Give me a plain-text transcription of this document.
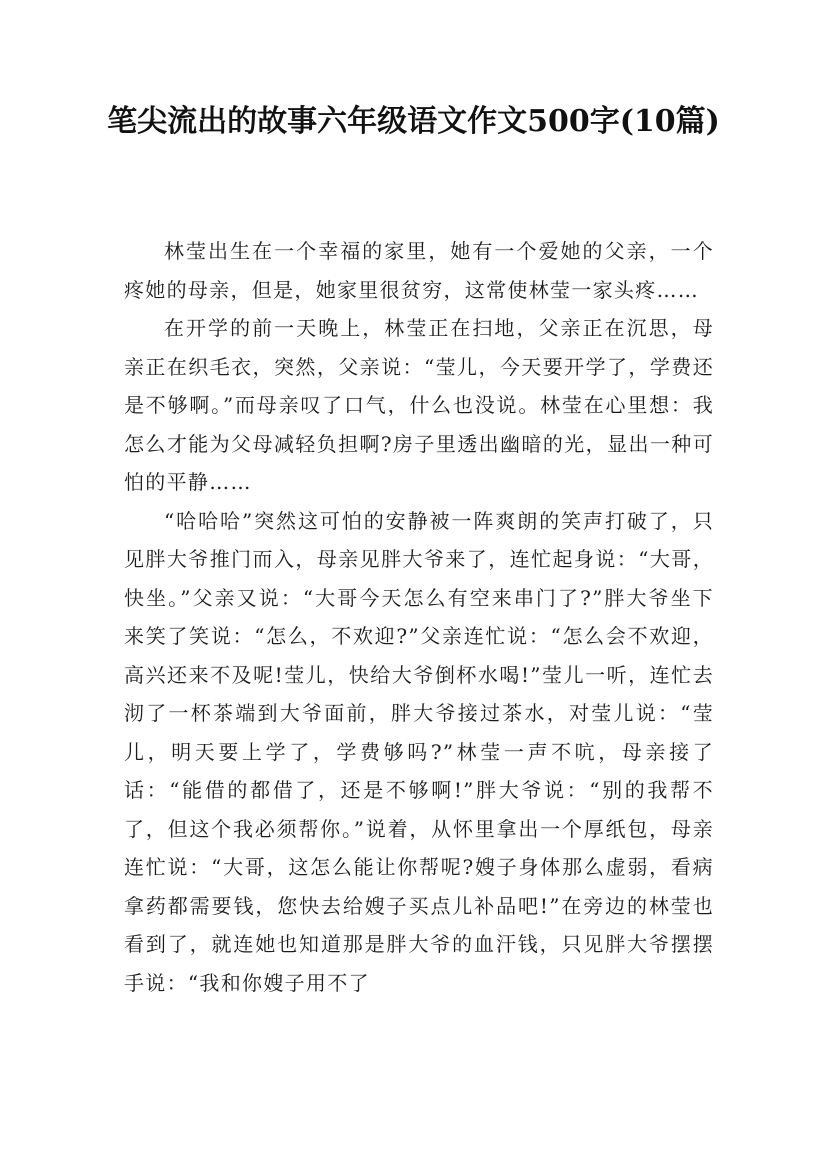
笔尖流出的故事六年级语文作文500字(10篇)

林莹出生在一个幸福的家里，她有一个爱她的父亲，一个疼她的母亲，但是，她家里很贫穷，这常使林莹一家头疼……

在开学的前一天晚上，林莹正在扫地，父亲正在沉思，母亲正在织毛衣，突然，父亲说：“莹儿，今天要开学了，学费还是不够啊。”而母亲叹了口气，什么也没说。林莹在心里想：我怎么才能为父母减轻负担啊?房子里透出幽暗的光，显出一种可怕的平静……

“哈哈哈”突然这可怕的安静被一阵爽朗的笑声打破了，只见胖大爷推门而入，母亲见胖大爷来了，连忙起身说：“大哥，快坐。”父亲又说：“大哥今天怎么有空来串门了?”胖大爷坐下来笑了笑说：“怎么，不欢迎?”父亲连忙说：“怎么会不欢迎，高兴还来不及呢!莹儿，快给大爷倒杯水喝!”莹儿一听，连忙去沏了一杯茶端到大爷面前，胖大爷接过茶水，对莹儿说：“莹儿，明天要上学了，学费够吗?”林莹一声不吭，母亲接了话：“能借的都借了，还是不够啊!”胖大爷说：“别的我帮不了，但这个我必须帮你。”说着，从怀里拿出一个厚纸包，母亲连忙说：“大哥，这怎么能让你帮呢?嫂子身体那么虚弱，看病拿药都需要钱，您快去给嫂子买点儿补品吧!”在旁边的林莹也看到了，就连她也知道那是胖大爷的血汗钱，只见胖大爷摆摆手说：“我和你嫂子用不了
